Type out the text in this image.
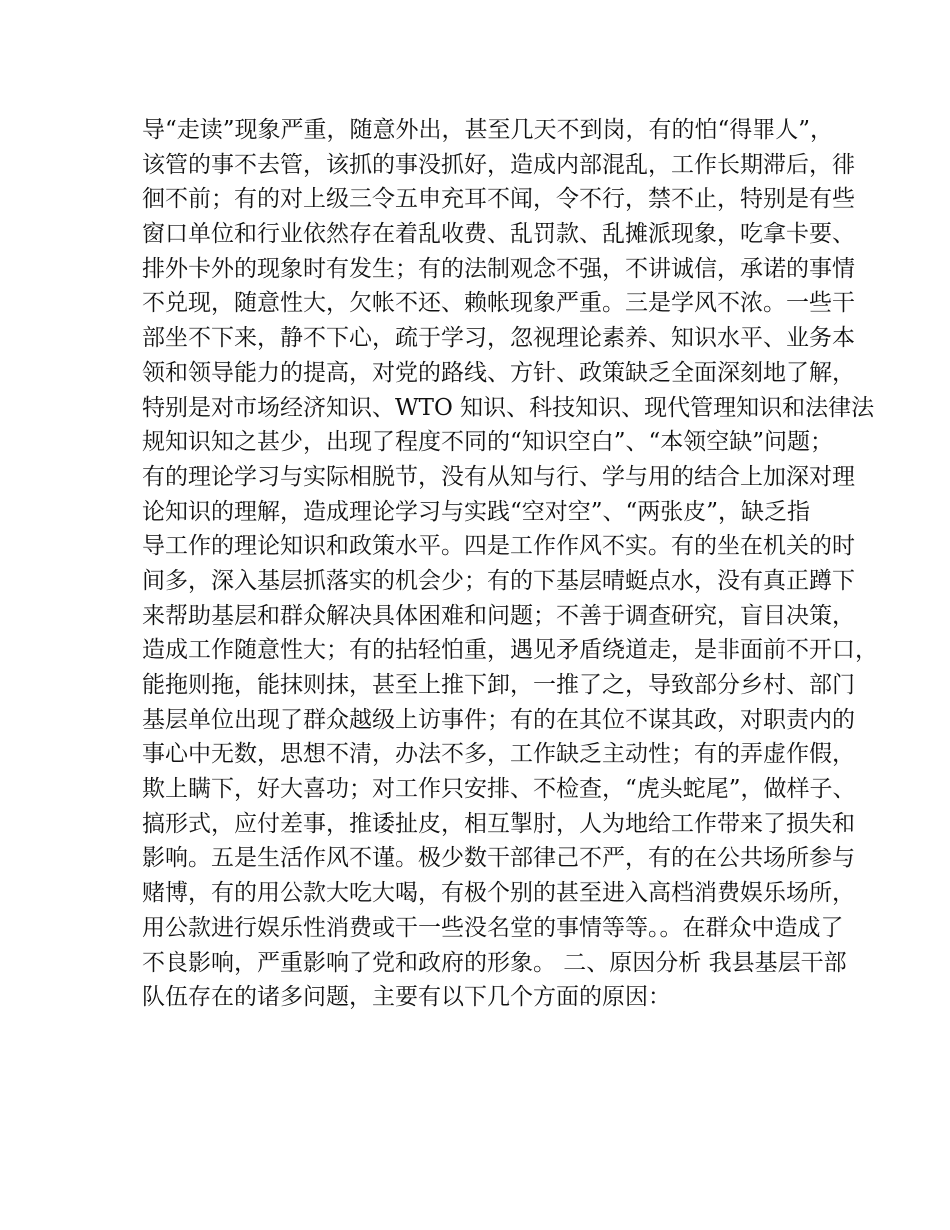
导“走读”现象严重，随意外出，甚至几天不到岗，有的怕“得罪人”，
该管的事不去管，该抓的事没抓好，造成内部混乱，工作长期滞后，徘
徊不前；有的对上级三令五申充耳不闻，令不行，禁不止，特别是有些
窗口单位和行业依然存在着乱收费、乱罚款、乱摊派现象，吃拿卡要、
排外卡外的现象时有发生；有的法制观念不强，不讲诚信，承诺的事情
不兑现，随意性大，欠帐不还、赖帐现象严重。三是学风不浓。一些干
部坐不下来，静不下心，疏于学习，忽视理论素养、知识水平、业务本
领和领导能力的提高，对党的路线、方针、政策缺乏全面深刻地了解，
特别是对市场经济知识、WTO 知识、科技知识、现代管理知识和法律法
规知识知之甚少，出现了程度不同的“知识空白”、“本领空缺”问题；
有的理论学习与实际相脱节，没有从知与行、学与用的结合上加深对理
论知识的理解，造成理论学习与实践“空对空”、“两张皮”，缺乏指
导工作的理论知识和政策水平。四是工作作风不实。有的坐在机关的时
间多，深入基层抓落实的机会少；有的下基层晴蜓点水，没有真正蹲下
来帮助基层和群众解决具体困难和问题；不善于调查研究，盲目决策，
造成工作随意性大；有的拈轻怕重，遇见矛盾绕道走，是非面前不开口，
能拖则拖，能抹则抹，甚至上推下卸，一推了之，导致部分乡村、部门
基层单位出现了群众越级上访事件；有的在其位不谋其政，对职责内的
事心中无数，思想不清，办法不多，工作缺乏主动性；有的弄虚作假，
欺上瞒下，好大喜功；对工作只安排、不检查，“虎头蛇尾”，做样子、
搞形式，应付差事，推诿扯皮，相互掣肘，人为地给工作带来了损失和
影响。五是生活作风不谨。极少数干部律己不严，有的在公共场所参与
赌博，有的用公款大吃大喝，有极个别的甚至进入高档消费娱乐场所，
用公款进行娱乐性消费或干一些没名堂的事情等等。。在群众中造成了
不良影响，严重影响了党和政府的形象。 二、原因分析 我县基层干部
队伍存在的诸多问题，主要有以下几个方面的原因：
